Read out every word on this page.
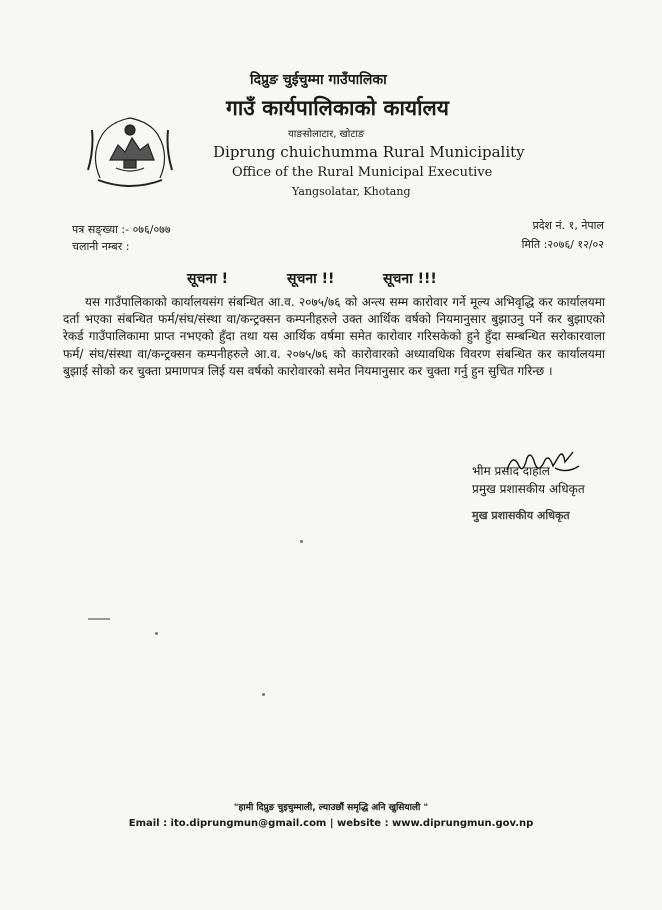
दिप्रुङ चुईचुम्मा गाउँपालिका
गाउँ कार्यपालिकाको कार्यालय
याङसोलाटार, खोटाङ
Diprung chuichumma Rural Municipality
Office of the Rural Municipal Executive
Yangsolatar, Khotang
पत्र सङ्ख्या :- ०७६/०७७
चलानी नम्बर :
प्रदेश नं. १, नेपाल
मिति :२०७६/ १२/०२
सूचना !	सूचना !!	सूचना !!!
यस गाउँपालिकाको कार्यालयसंग संबन्धित आ.व. २०७५/७६ को अन्त्य सम्म कारोवार गर्ने मूल्य अभिवृद्धि कर कार्यालयमा दर्ता भएका संबन्धित फर्म/संघ/संस्था वा/कन्ट्रक्सन कम्पनीहरुले उक्त आर्थिक वर्षको नियमानुसार बुझाउनु पर्ने कर बुझाएको रेकर्ड गाउँपालिकामा प्राप्त नभएको हुँदा तथा यस आर्थिक वर्षमा समेत कारोवार गरिसकेको हुने हुँदा सम्बन्धित सरोकारवाला फर्म/ संघ/संस्था वा/कन्ट्रक्सन कम्पनीहरुले आ.व. २०७५/७६ को कारोवारको अध्यावधिक विवरण संबन्धित कर कार्यालयमा बुझाई सोको कर चुक्ता प्रमाणपत्र लिई यस वर्षको कारोवारको समेत नियमानुसार कर चुक्ता गर्नु हुन सुचित गरिन्छ ।
भीम प्रसाद दाहाल
प्रमुख प्रशासकीय अधिकृत
मुख प्रशासकीय अधिकृत
"हामी दिप्रुङ चुइचुम्माली, ल्याउछौं समृद्धि अनि खुसियाली "
Email : ito.diprungmun@gmail.com | website : www.diprungmun.gov.np
